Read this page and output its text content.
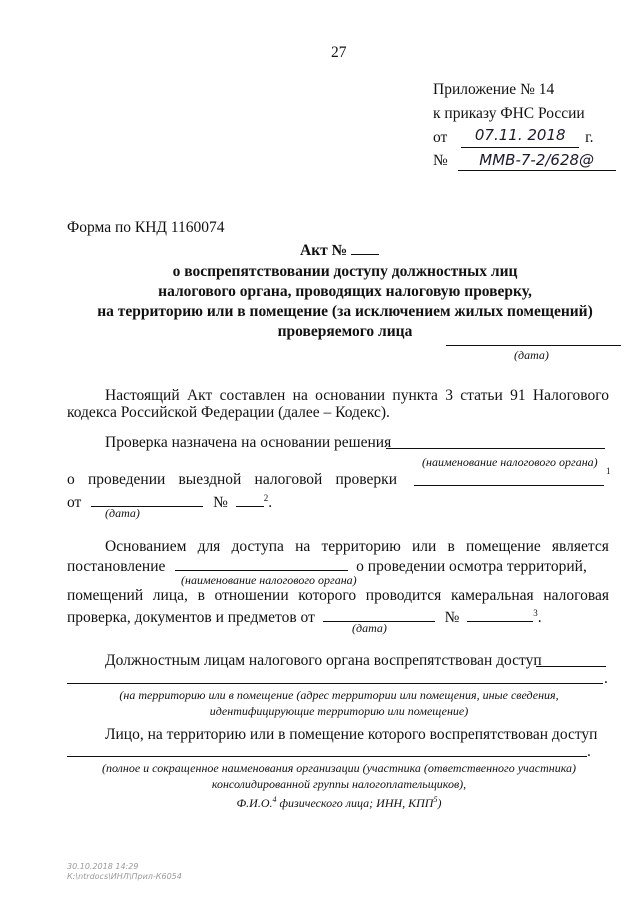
27
Приложение № 14
к приказу ФНС России
от 07.11. 2018 г.
№ ММВ-7-2/628@
Форма по КНД 1160074
Акт №
о воспрепятствовании доступу должностных лиц
налогового органа, проводящих налоговую проверку,
на территорию или в помещение (за исключением жилых помещений)
проверяемого лица
(дата)
Настоящий Акт составлен на основании пункта 3 статьи 91 Налогового
кодекса Российской Федерации (далее – Кодекс).
Проверка назначена на основании решения
(наименование налогового органа)
о проведении выездной налоговой проверки	1
от	№	$^2$.
(дата)
Основанием для доступа на территорию или в помещение является
постановление	о проведении осмотра территорий,
(наименование налогового органа)
помещений лица, в отношении которого проводится камеральная налоговая
проверка, документов и предметов от	№	$^3$.
(дата)
Должностным лицам налогового органа воспрепятствован доступ
.
(на территорию или в помещение (адрес территории или помещения, иные сведения,
идентифицирующие территорию или помещение)
Лицо, на территорию или в помещение которого воспрепятствован доступ
.
(полное и сокращенное наименования организации (участника (ответственного участника)
консолидированной группы налогоплательщиков),
Ф.И.О.$^4$ физического лица; ИНН, КПП$^5$)
30.10.2018 14:29
К:\ntrdocs\ИНЛ\Прил-К6054
